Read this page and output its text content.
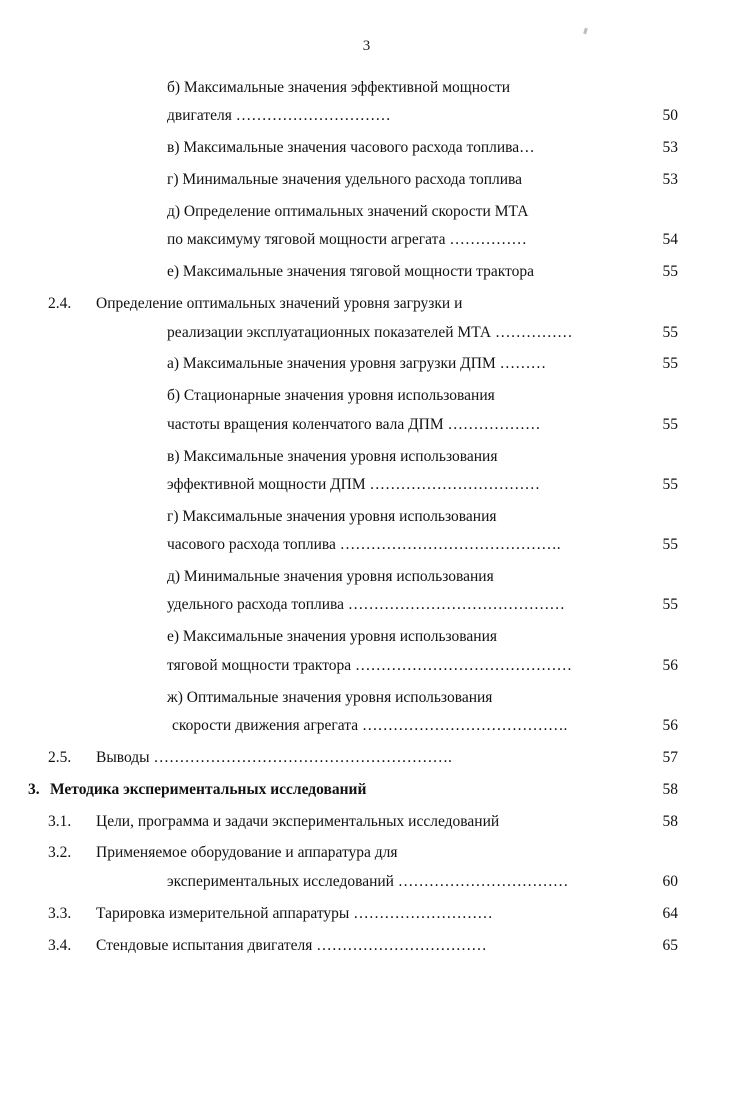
3
б) Максимальные значения эффективной мощности
двигателя …………………………	50
в) Максимальные значения часового расхода топлива…	53
г) Минимальные значения удельного расхода топлива	53
д) Определение оптимальных значений скорости МТА
по максимуму тяговой мощности агрегата ……………	54
е) Максимальные значения тяговой мощности трактора	55
2.4.	Определение оптимальных значений уровня загрузки и
реализации эксплуатационных показателей МТА ……………	55
а) Максимальные значения уровня загрузки ДПМ ………	55
б) Стационарные значения уровня использования
частоты вращения коленчатого вала ДПМ ………………	55
в) Максимальные значения уровня использования
эффективной мощности ДПМ ……………………………	55
г) Максимальные значения уровня использования
часового расхода топлива …………………………………….	55
д) Минимальные значения уровня использования
удельного расхода топлива ……………………………………	55
е) Максимальные значения уровня использования
тяговой мощности трактора ……………………………………	56
ж) Оптимальные значения уровня использования
скорости движения агрегата ………………………………….	56
2.5.	Выводы ………………………………………………….	57
3. Методика экспериментальных исследований	58
3.1.	Цели, программа и задачи экспериментальных исследований	58
3.2.	Применяемое оборудование и аппаратура для
экспериментальных исследований ……………………………	60
3.3.	Тарировка измерительной аппаратуры ………………………	64
3.4.	Стендовые испытания двигателя ……………………………	65
